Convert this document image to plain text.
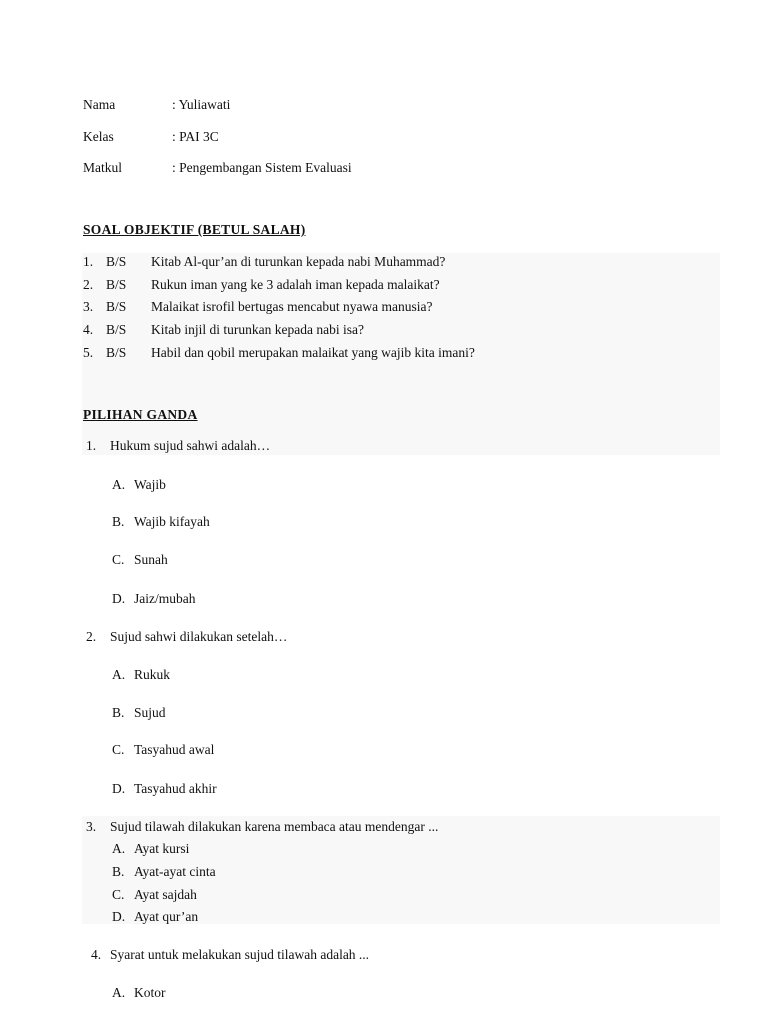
Nama	: Yuliawati
Kelas	: PAI 3C
Matkul	: Pengembangan Sistem Evaluasi
SOAL OBJEKTIF (BETUL SALAH)
1. B/S Kitab Al-qur’an di turunkan kepada nabi Muhammad?
2. B/S Rukun iman yang ke 3 adalah iman kepada malaikat?
3. B/S Malaikat isrofil bertugas mencabut nyawa manusia?
4. B/S Kitab injil di turunkan kepada nabi isa?
5. B/S Habil dan qobil merupakan malaikat yang wajib kita imani?
PILIHAN GANDA
1. Hukum sujud sahwi adalah…
A. Wajib
B. Wajib kifayah
C. Sunah
D. Jaiz/mubah
2. Sujud sahwi dilakukan setelah…
A. Rukuk
B. Sujud
C. Tasyahud awal
D. Tasyahud akhir
3. Sujud tilawah dilakukan karena membaca atau mendengar ...
A. Ayat kursi
B. Ayat-ayat cinta
C. Ayat sajdah
D. Ayat qur’an
4. Syarat untuk melakukan sujud tilawah adalah ...
A. Kotor
